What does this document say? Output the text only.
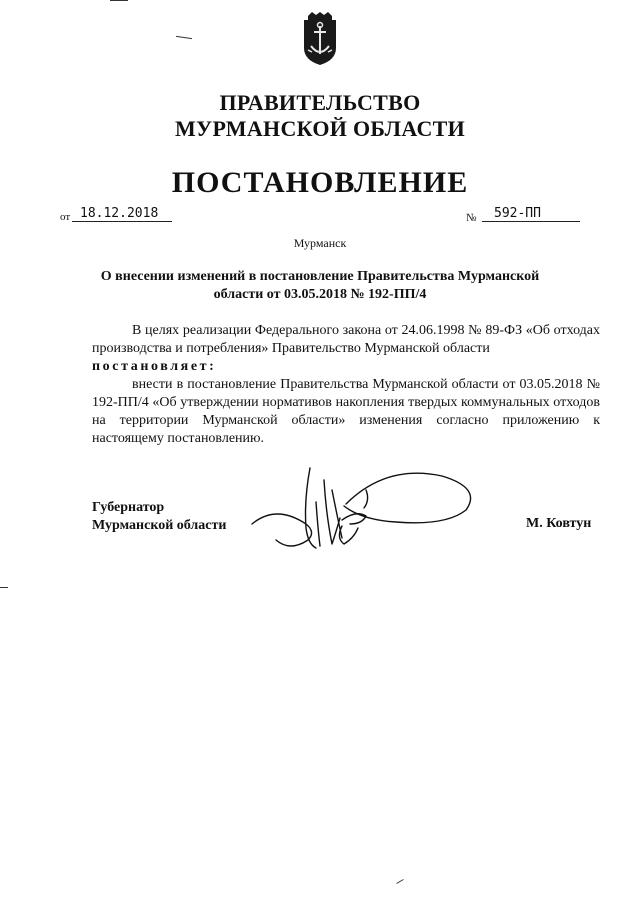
ПРАВИТЕЛЬСТВО
МУРМАНСКОЙ ОБЛАСТИ
ПОСТАНОВЛЕНИЕ
от 18.12.2018	№	592-ПП
Мурманск
О внесении изменений в постановление Правительства Мурманской области от 03.05.2018 № 192-ПП/4
В целях реализации Федерального закона от 24.06.1998 № 89-ФЗ «Об отходах производства и потребления» Правительство Мурманской области
постановляет:
внести в постановление Правительства Мурманской области от 03.05.2018 № 192-ПП/4 «Об утверждении нормативов накопления твердых коммунальных отходов на территории Мурманской области» изменения согласно приложению к настоящему постановлению.
Губернатор
Мурманской области	М. Ковтун
